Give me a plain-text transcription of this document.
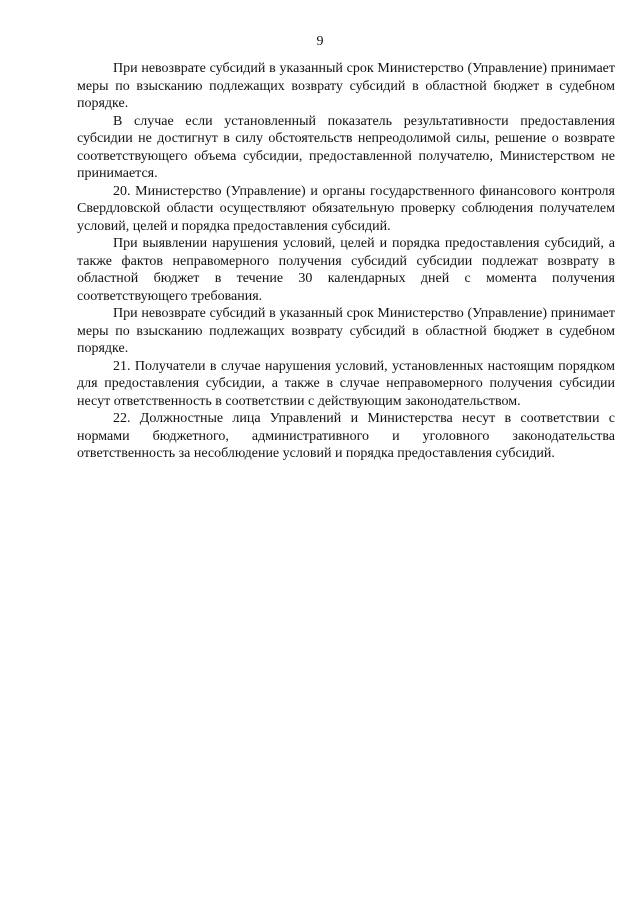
9

При невозврате субсидий в указанный срок Министерство (Управление) принимает меры по взысканию подлежащих возврату субсидий в областной бюджет в судебном порядке.

В случае если установленный показатель результативности предоставления субсидии не достигнут в силу обстоятельств непреодолимой силы, решение о возврате соответствующего объема субсидии, предоставленной получателю, Министерством не принимается.

20. Министерство (Управление) и органы государственного финансового контроля Свердловской области осуществляют обязательную проверку соблюдения получателем условий, целей и порядка предоставления субсидий.

При выявлении нарушения условий, целей и порядка предоставления субсидий, а также фактов неправомерного получения субсидий субсидии подлежат возврату в областной бюджет в течение 30 календарных дней с момента получения соответствующего требования.

При невозврате субсидий в указанный срок Министерство (Управление) принимает меры по взысканию подлежащих возврату субсидий в областной бюджет в судебном порядке.

21. Получатели в случае нарушения условий, установленных настоящим порядком для предоставления субсидии, а также в случае неправомерного получения субсидии несут ответственность в соответствии с действующим законодательством.

22. Должностные лица Управлений и Министерства несут в соответствии с нормами бюджетного, административного и уголовного законодательства ответственность за несоблюдение условий и порядка предоставления субсидий.
